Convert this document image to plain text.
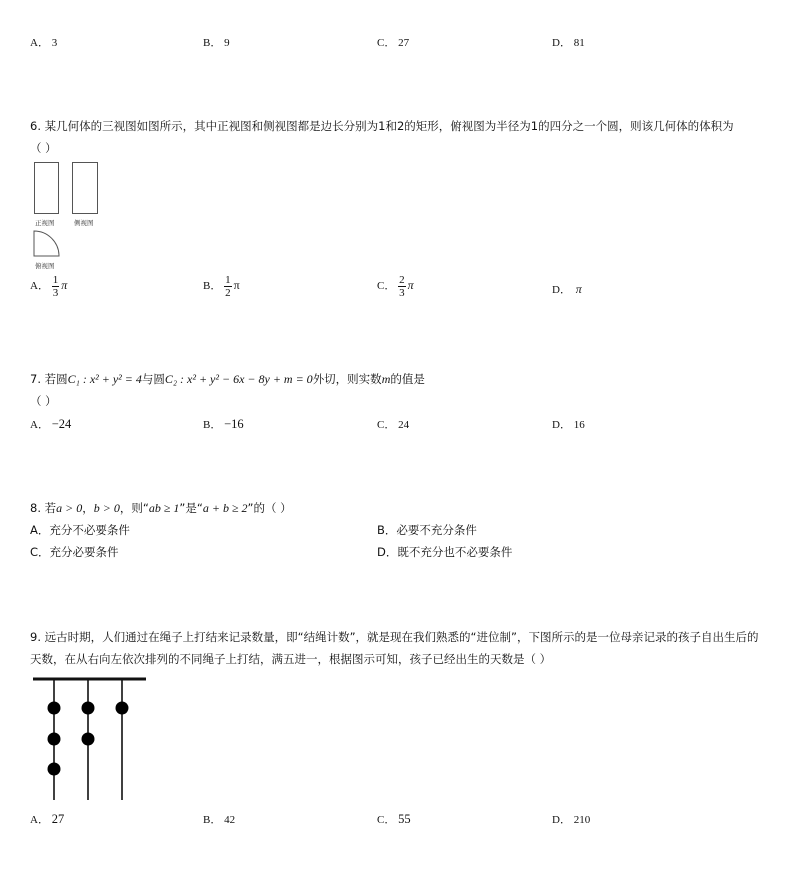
A． 3	B． 9	C． 27	D． 81
6. 某几何体的三视图如图所示，其中正视图和侧视图都是边长分别为1和2的矩形，俯视图为半径为1的四分之一个圆，则该几何体的体积为
（ ）
正视图	侧视图
俯视图
A． $\frac{1}{3}$ π	B． $\frac{1}{2}$ π	C． $\frac{2}{3}$ π	D． π
7. 若圆C₁ : x² + y² = 4与圆C₂ : x² + y² − 6x − 8y + m = 0外切，则实数m的值是
（ ）
A． −24	B． −16	C． 24	D． 16
8. 若a > 0，b > 0，则“ab ≥ 1”是“a + b ≥ 2”的（ ）
A．充分不必要条件	B．必要不充分条件
C．充分必要条件	D．既不充分也不必要条件
9. 远古时期，人们通过在绳子上打结来记录数量，即“结绳计数”，就是现在我们熟悉的“进位制”，下图所示的是一位母亲记录的孩子自出生后的
天数，在从右向左依次排列的不同绳子上打结，满五进一，根据图示可知，孩子已经出生的天数是（ ）
A． 27	B． 42	C． 55	D． 210
